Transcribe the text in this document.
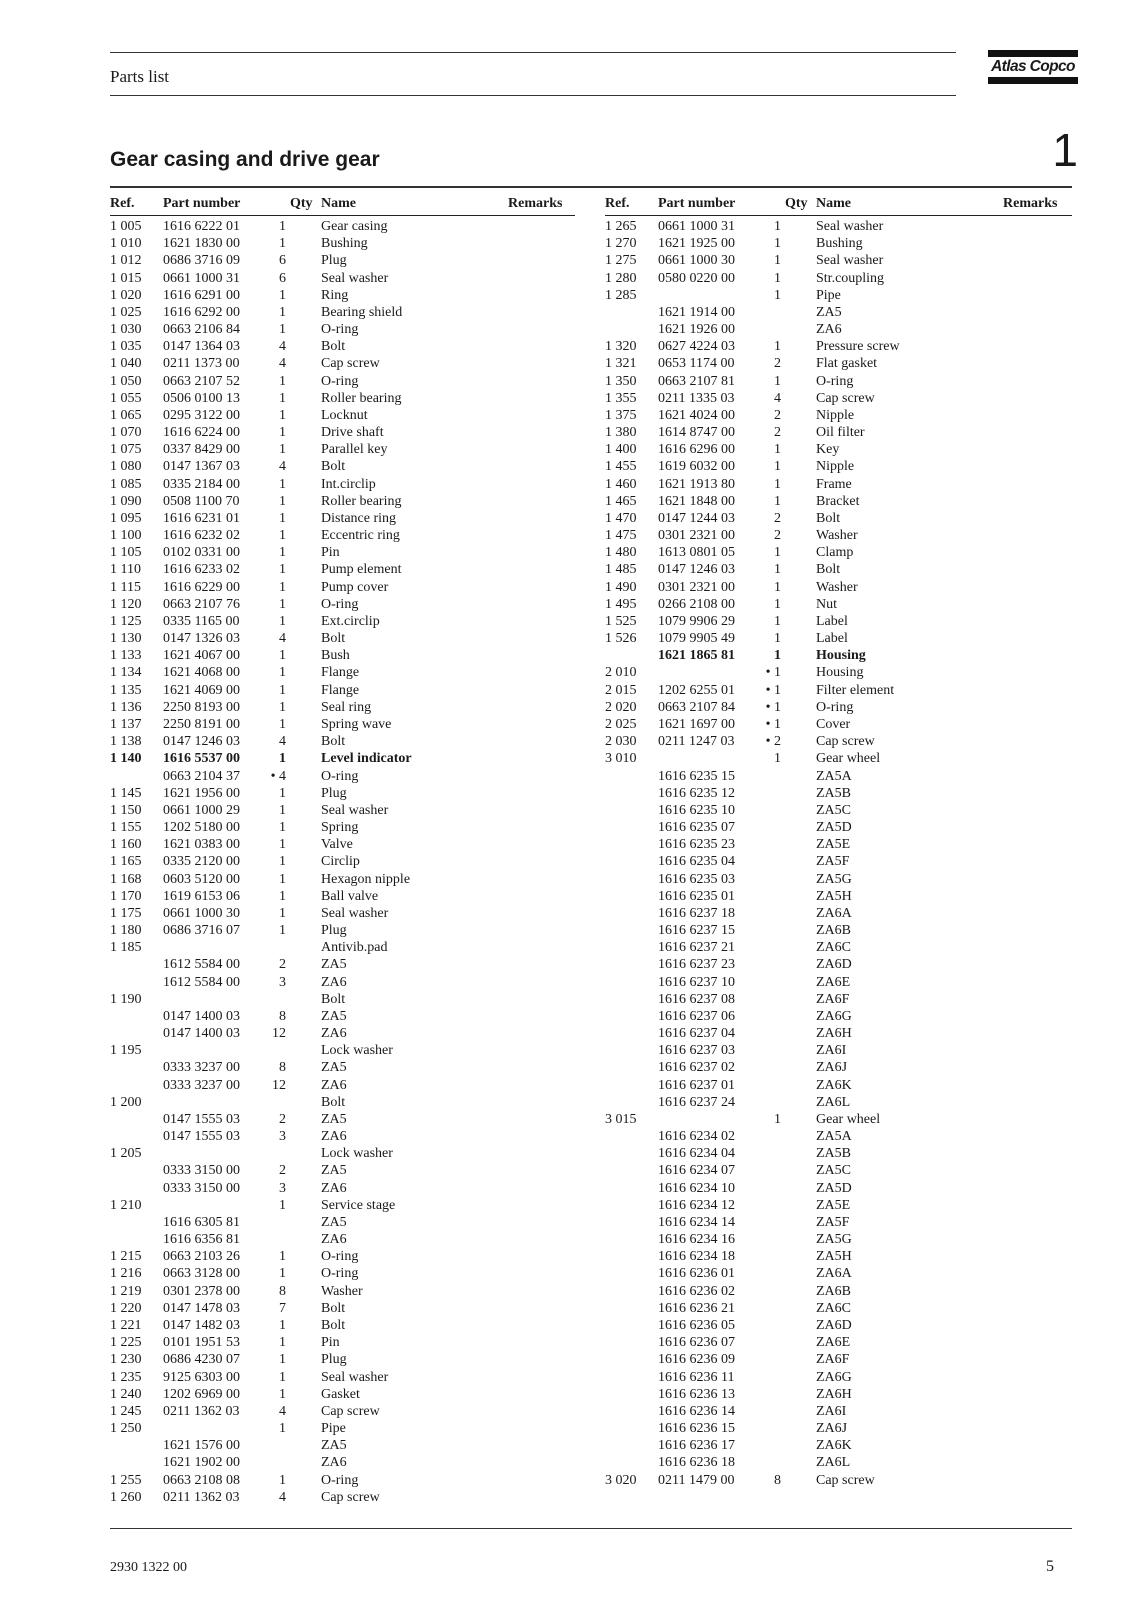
Parts list
Atlas Copco
Gear casing and drive gear	1
Ref. Part number	Qty Name	Remarks
1 005 1616 6222 01	1	Gear casing
1 010 1621 1830 00	1	Bushing
1 012 0686 3716 09	6	Plug
1 015 0661 1000 31	6	Seal washer
1 020 1616 6291 00	1	Ring
1 025 1616 6292 00	1	Bearing shield
1 030 0663 2106 84	1	O-ring
1 035 0147 1364 03	4	Bolt
1 040 0211 1373 00	4	Cap screw
1 050 0663 2107 52	1	O-ring
1 055 0506 0100 13	1	Roller bearing
1 065 0295 3122 00	1	Locknut
1 070 1616 6224 00	1	Drive shaft
1 075 0337 8429 00	1	Parallel key
1 080 0147 1367 03	4	Bolt
1 085 0335 2184 00	1	Int.circlip
1 090 0508 1100 70	1	Roller bearing
1 095 1616 6231 01	1	Distance ring
1 100 1616 6232 02	1	Eccentric ring
1 105 0102 0331 00	1	Pin
1 110 1616 6233 02	1	Pump element
1 115 1616 6229 00	1	Pump cover
1 120 0663 2107 76	1	O-ring
1 125 0335 1165 00	1	Ext.circlip
1 130 0147 1326 03	4	Bolt
1 133 1621 4067 00	1	Bush
1 134 1621 4068 00	1	Flange
1 135 1621 4069 00	1	Flange
1 136 2250 8193 00	1	Seal ring
1 137 2250 8191 00	1	Spring wave
1 138 0147 1246 03	4	Bolt
1 140 1616 5537 00	1	Level indicator
0663 2104 37	• 4	O-ring
1 145 1621 1956 00	1	Plug
1 150 0661 1000 29	1	Seal washer
1 155 1202 5180 00	1	Spring
1 160 1621 0383 00	1	Valve
1 165 0335 2120 00	1	Circlip
1 168 0603 5120 00	1	Hexagon nipple
1 170 1619 6153 06	1	Ball valve
1 175 0661 1000 30	1	Seal washer
1 180 0686 3716 07	1	Plug
1 185	Antivib.pad
1612 5584 00	2	ZA5
1612 5584 00	3	ZA6
1 190	Bolt
0147 1400 03	8	ZA5
0147 1400 03	12	ZA6
1 195	Lock washer
0333 3237 00	8	ZA5
0333 3237 00	12	ZA6
1 200	Bolt
0147 1555 03	2	ZA5
0147 1555 03	3	ZA6
1 205	Lock washer
0333 3150 00	2	ZA5
0333 3150 00	3	ZA6
1 210	1	Service stage
1616 6305 81	ZA5
1616 6356 81	ZA6
1 215 0663 2103 26	1	O-ring
1 216 0663 3128 00	1	O-ring
1 219 0301 2378 00	8	Washer
1 220 0147 1478 03	7	Bolt
1 221 0147 1482 03	1	Bolt
1 225 0101 1951 53	1	Pin
1 230 0686 4230 07	1	Plug
1 235 9125 6303 00	1	Seal washer
1 240 1202 6969 00	1	Gasket
1 245 0211 1362 03	4	Cap screw
1 250	1	Pipe
1621 1576 00	ZA5
1621 1902 00	ZA6
1 255 0663 2108 08	1	O-ring
1 260 0211 1362 03	4	Cap screw
Ref. Part number	Qty Name	Remarks
1 265 0661 1000 31	1	Seal washer
1 270 1621 1925 00	1	Bushing
1 275 0661 1000 30	1	Seal washer
1 280 0580 0220 00	1	Str.coupling
1 285	1	Pipe
1621 1914 00	ZA5
1621 1926 00	ZA6
1 320 0627 4224 03	1	Pressure screw
1 321 0653 1174 00	2	Flat gasket
1 350 0663 2107 81	1	O-ring
1 355 0211 1335 03	4	Cap screw
1 375 1621 4024 00	2	Nipple
1 380 1614 8747 00	2	Oil filter
1 400 1616 6296 00	1	Key
1 455 1619 6032 00	1	Nipple
1 460 1621 1913 80	1	Frame
1 465 1621 1848 00	1	Bracket
1 470 0147 1244 03	2	Bolt
1 475 0301 2321 00	2	Washer
1 480 1613 0801 05	1	Clamp
1 485 0147 1246 03	1	Bolt
1 490 0301 2321 00	1	Washer
1 495 0266 2108 00	1	Nut
1 525 1079 9906 29	1	Label
1 526 1079 9905 49	1	Label
1621 1865 81	1	Housing
2 010	• 1	Housing
2 015 1202 6255 01	• 1	Filter element
2 020 0663 2107 84	• 1	O-ring
2 025 1621 1697 00	• 1	Cover
2 030 0211 1247 03	• 2	Cap screw
3 010	1	Gear wheel
1616 6235 15	ZA5A
1616 6235 12	ZA5B
1616 6235 10	ZA5C
1616 6235 07	ZA5D
1616 6235 23	ZA5E
1616 6235 04	ZA5F
1616 6235 03	ZA5G
1616 6235 01	ZA5H
1616 6237 18	ZA6A
1616 6237 15	ZA6B
1616 6237 21	ZA6C
1616 6237 23	ZA6D
1616 6237 10	ZA6E
1616 6237 08	ZA6F
1616 6237 06	ZA6G
1616 6237 04	ZA6H
1616 6237 03	ZA6I
1616 6237 02	ZA6J
1616 6237 01	ZA6K
1616 6237 24	ZA6L
3 015	1	Gear wheel
1616 6234 02	ZA5A
1616 6234 04	ZA5B
1616 6234 07	ZA5C
1616 6234 10	ZA5D
1616 6234 12	ZA5E
1616 6234 14	ZA5F
1616 6234 16	ZA5G
1616 6234 18	ZA5H
1616 6236 01	ZA6A
1616 6236 02	ZA6B
1616 6236 21	ZA6C
1616 6236 05	ZA6D
1616 6236 07	ZA6E
1616 6236 09	ZA6F
1616 6236 11	ZA6G
1616 6236 13	ZA6H
1616 6236 14	ZA6I
1616 6236 15	ZA6J
1616 6236 17	ZA6K
1616 6236 18	ZA6L
3 020 0211 1479 00	8	Cap screw
2930 1322 00	5
